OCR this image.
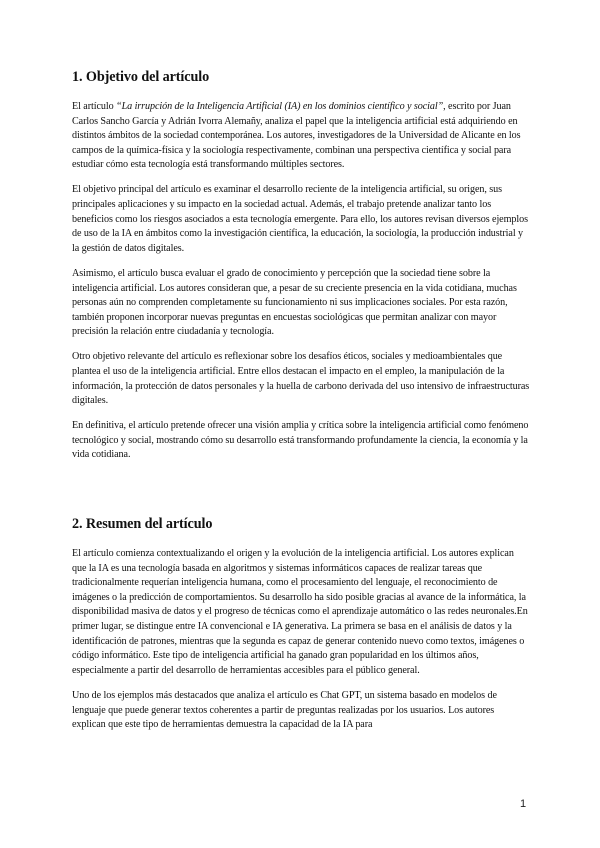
1. Objetivo del artículo

El artículo “La irrupción de la Inteligencia Artificial (IA) en los dominios científico y social”, escrito por Juan Carlos Sancho García y Adrián Ivorra Alemañy, analiza el papel que la inteligencia artificial está adquiriendo en distintos ámbitos de la sociedad contemporánea. Los autores, investigadores de la Universidad de Alicante en los campos de la química-física y la sociología respectivamente, combinan una perspectiva científica y social para estudiar cómo esta tecnología está transformando múltiples sectores.

El objetivo principal del artículo es examinar el desarrollo reciente de la inteligencia artificial, su origen, sus principales aplicaciones y su impacto en la sociedad actual. Además, el trabajo pretende analizar tanto los beneficios como los riesgos asociados a esta tecnología emergente. Para ello, los autores revisan diversos ejemplos de uso de la IA en ámbitos como la investigación científica, la educación, la sociología, la producción industrial y la gestión de datos digitales.

Asimismo, el artículo busca evaluar el grado de conocimiento y percepción que la sociedad tiene sobre la inteligencia artificial. Los autores consideran que, a pesar de su creciente presencia en la vida cotidiana, muchas personas aún no comprenden completamente su funcionamiento ni sus implicaciones sociales. Por esta razón, también proponen incorporar nuevas preguntas en encuestas sociológicas que permitan analizar con mayor precisión la relación entre ciudadanía y tecnología.

Otro objetivo relevante del artículo es reflexionar sobre los desafíos éticos, sociales y medioambientales que plantea el uso de la inteligencia artificial. Entre ellos destacan el impacto en el empleo, la manipulación de la información, la protección de datos personales y la huella de carbono derivada del uso intensivo de infraestructuras digitales.

En definitiva, el artículo pretende ofrecer una visión amplia y crítica sobre la inteligencia artificial como fenómeno tecnológico y social, mostrando cómo su desarrollo está transformando profundamente la ciencia, la economía y la vida cotidiana.

2. Resumen del artículo

El artículo comienza contextualizando el origen y la evolución de la inteligencia artificial. Los autores explican que la IA es una tecnología basada en algoritmos y sistemas informáticos capaces de realizar tareas que tradicionalmente requerían inteligencia humana, como el procesamiento del lenguaje, el reconocimiento de imágenes o la predicción de comportamientos. Su desarrollo ha sido posible gracias al avance de la informática, la disponibilidad masiva de datos y el progreso de técnicas como el aprendizaje automático o las redes neuronales.En primer lugar, se distingue entre IA convencional e IA generativa. La primera se basa en el análisis de datos y la identificación de patrones, mientras que la segunda es capaz de generar contenido nuevo como textos, imágenes o código informático. Este tipo de inteligencia artificial ha ganado gran popularidad en los últimos años, especialmente a partir del desarrollo de herramientas accesibles para el público general.

Uno de los ejemplos más destacados que analiza el artículo es Chat GPT, un sistema basado en modelos de lenguaje que puede generar textos coherentes a partir de preguntas realizadas por los usuarios. Los autores explican que este tipo de herramientas demuestra la capacidad de la IA para

1
